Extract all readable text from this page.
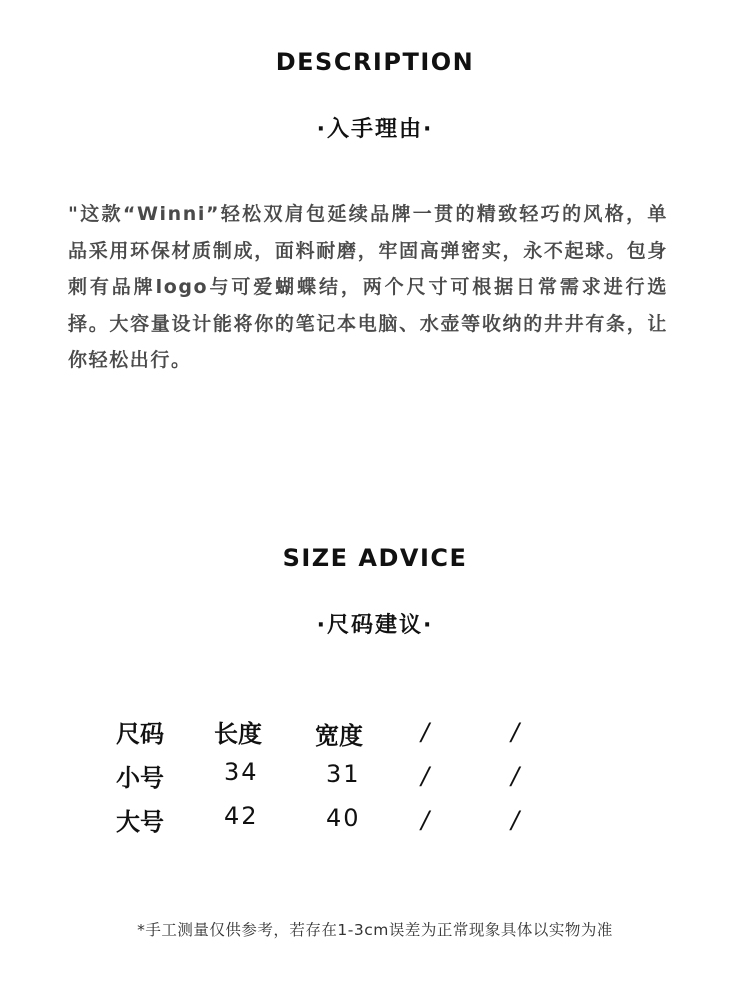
DESCRIPTION
·入手理由·
"这款“Winni”轻松双肩包延续品牌一贯的精致轻巧的风格，单品采用环保材质制成，面料耐磨，牢固高弹密实，永不起球。包身刺有品牌logo与可爱蝴蝶结，两个尺寸可根据日常需求进行选择。大容量设计能将你的笔记本电脑、水壶等收纳的井井有条，让你轻松出行。
SIZE ADVICE
·尺码建议·
尺码 长度 宽度 /	/
小号	34	31	/	/
大号	42	40	/	/
*手工测量仅供参考，若存在1-3cm误差为正常现象具体以实物为准
